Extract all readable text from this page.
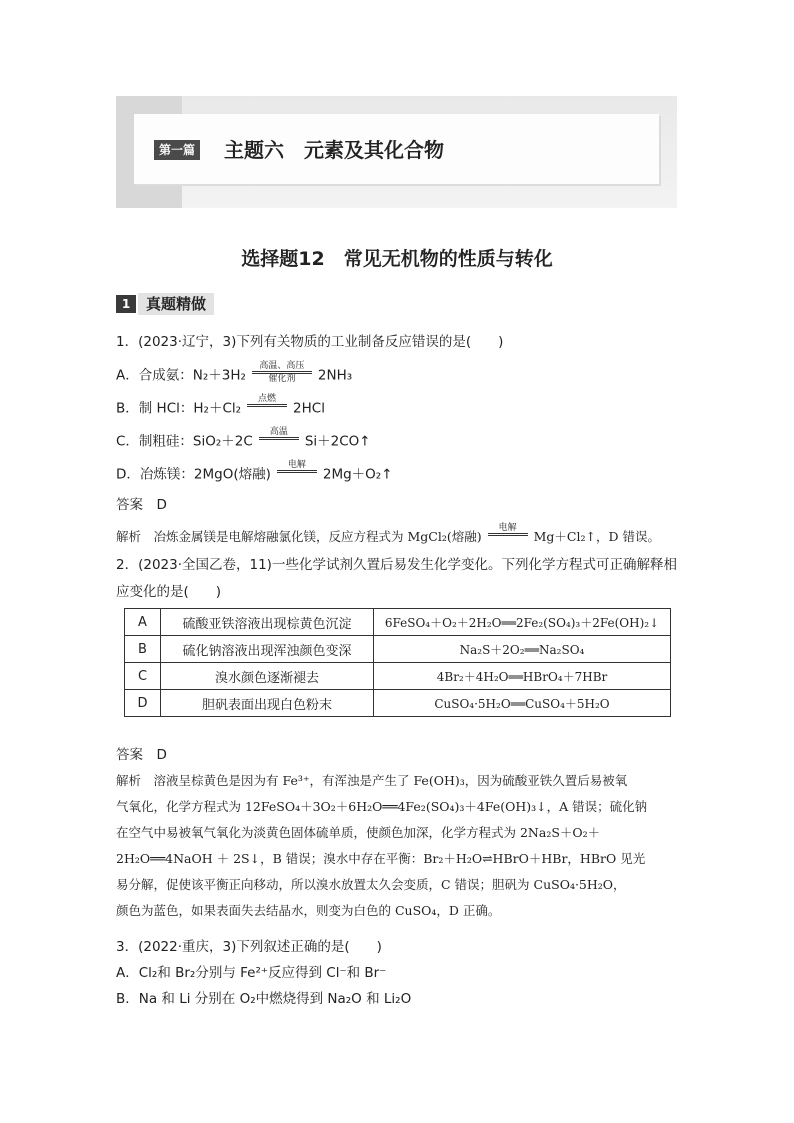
第一篇 主题六　元素及其化合物
选择题12　常见无机物的性质与转化
1	真题精做
1．(2023·辽宁，3)下列有关物质的工业制备反应错误的是(　　)
A．合成氨：N₂＋3H₂
高温、高压
催化剂	2NH₃
B．制 HCl：H₂＋Cl₂
点燃

2HCl
C．制粗硅：SiO₂＋2C
高温

Si＋2CO↑
D．冶炼镁：2MgO(熔融)
电解

2Mg＋O₂↑
答案　D
解析　冶炼金属镁是电解熔融氯化镁，反应方程式为 MgCl₂(熔融)
电解

Mg＋Cl₂↑，D 错误。
2．(2023·全国乙卷，11)一些化学试剂久置后易发生化学变化。下列化学方程式可正确解释相
应变化的是(　　)
A	硫酸亚铁溶液出现棕黄色沉淀	6FeSO₄＋O₂＋2H₂O══2Fe₂(SO₄)₃＋2Fe(OH)₂↓
B	硫化钠溶液出现浑浊颜色变深	Na₂S＋2O₂══Na₂SO₄
C	溴水颜色逐渐褪去	4Br₂＋4H₂O══HBrO₄＋7HBr
D	胆矾表面出现白色粉末	CuSO₄·5H₂O══CuSO₄＋5H₂O
答案　D
解析　溶液呈棕黄色是因为有 Fe³⁺，有浑浊是产生了 Fe(OH)₃，因为硫酸亚铁久置后易被氧
气氧化，化学方程式为 12FeSO₄＋3O₂＋6H₂O══4Fe₂(SO₄)₃＋4Fe(OH)₃↓，A 错误；硫化钠
在空气中易被氧气氧化为淡黄色固体硫单质，使颜色加深，化学方程式为 2Na₂S＋O₂＋
2H₂O══4NaOH ＋ 2S↓，B 错误；溴水中存在平衡：Br₂＋H₂O⇌HBrO＋HBr，HBrO 见光
易分解，促使该平衡正向移动，所以溴水放置太久会变质，C 错误；胆矾为 CuSO₄·5H₂O，
颜色为蓝色，如果表面失去结晶水，则变为白色的 CuSO₄，D 正确。
3．(2022·重庆，3)下列叙述正确的是(　　)
A．Cl₂和 Br₂分别与 Fe²⁺反应得到 Cl⁻和 Br⁻
B．Na 和 Li 分别在 O₂中燃烧得到 Na₂O 和 Li₂O
